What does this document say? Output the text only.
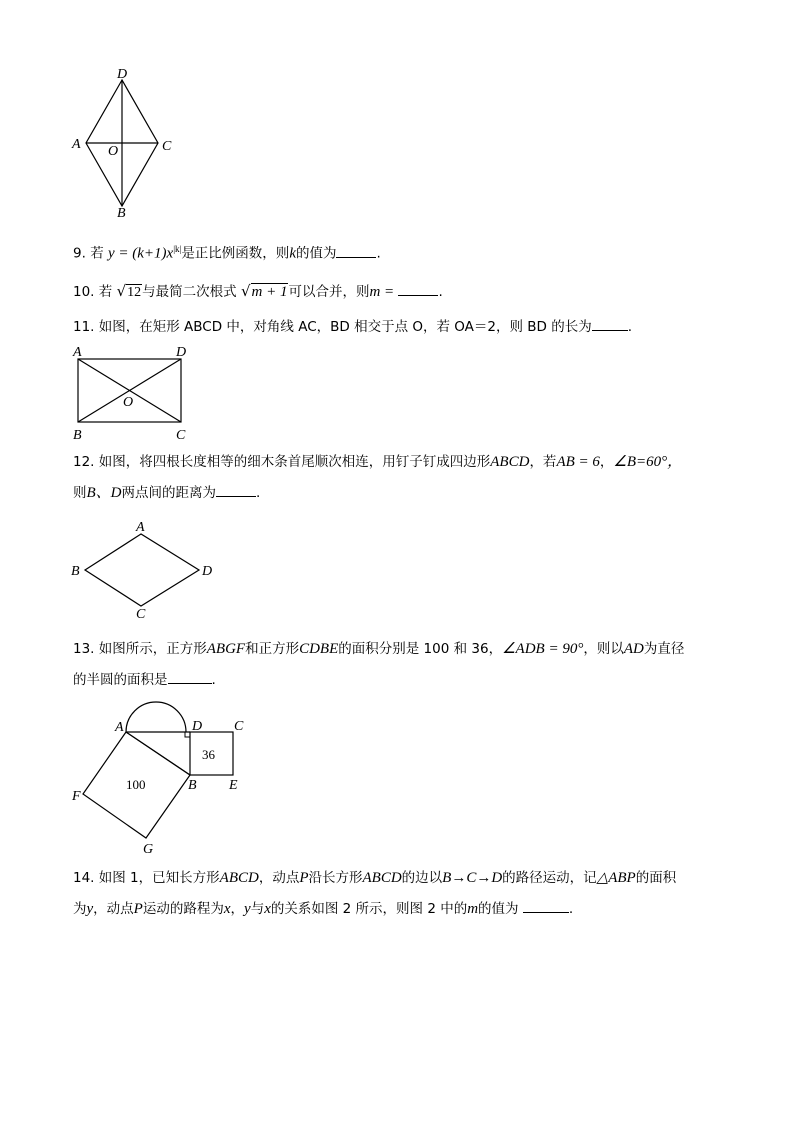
D
A O	C
B
9. 若 $y = (k+1)x^{|k|}$是正比例函数，则k的值为	.
10. 若 √12与最简二次根式 √m + 1可以合并，则m =	.
11. 如图，在矩形 ABCD 中，对角线 AC，BD 相交于点 O，若 OA＝2，则 BD 的长为	.
A	D
O
B	C
12. 如图，将四根长度相等的细木条首尾顺次相连，用钉子钉成四边形ABCD，若AB = 6，∠B=60°，
则B、D两点间的距离为	.
A
B	D
C
13. 如图所示，正方形ABGF和正方形CDBE的面积分别是 100 和 36，∠ADB = 90°，则以AD为直径
的半圆的面积是	.
A	D C
B E
F
G
36
100
14. 如图 1，已知长方形ABCD，动点P沿长方形ABCD的边以B→C→D的路径运动，记△ABP的面积
为y，动点P运动的路程为x，y与x的关系如图 2 所示，则图 2 中的m的值为	.
